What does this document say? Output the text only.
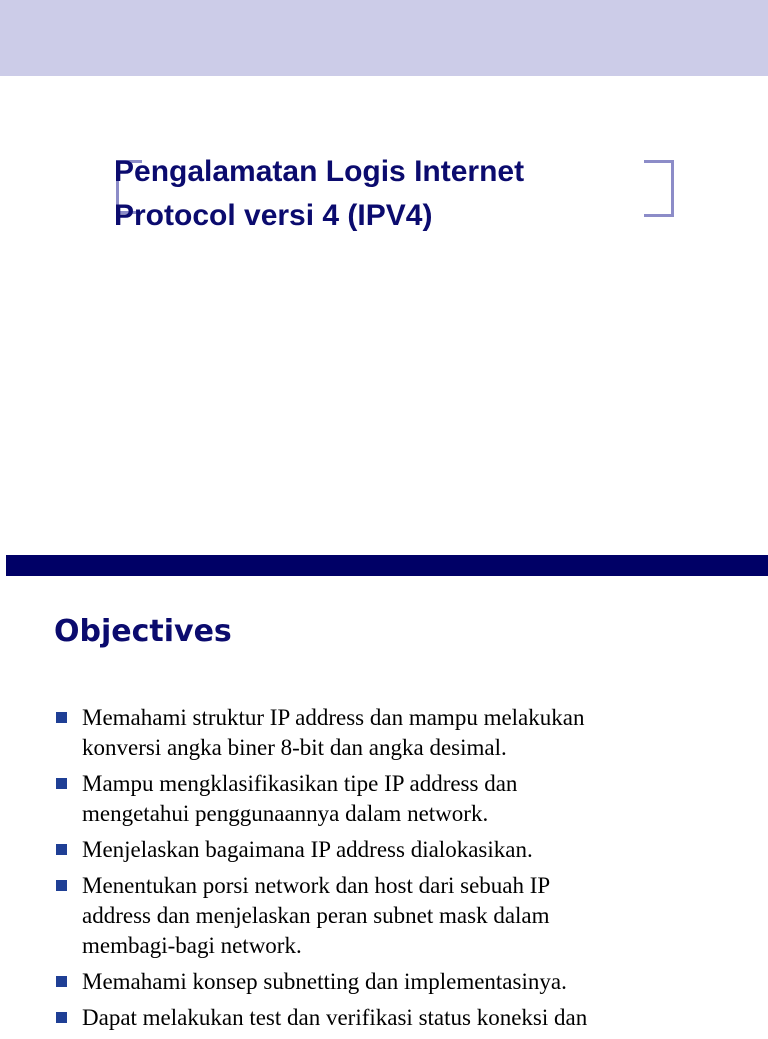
Pengalamatan Logis Internet
Protocol versi 4 (IPV4)
Objectives
Memahami struktur IP address dan mampu melakukan
konversi angka biner 8-bit dan angka desimal.
Mampu mengklasifikasikan tipe IP address dan
mengetahui penggunaannya dalam network.
Menjelaskan bagaimana IP address dialokasikan.
Menentukan porsi network dan host dari sebuah IP
address dan menjelaskan peran subnet mask dalam
membagi-bagi network.
Memahami konsep subnetting dan implementasinya.
Dapat melakukan test dan verifikasi status koneksi dan
